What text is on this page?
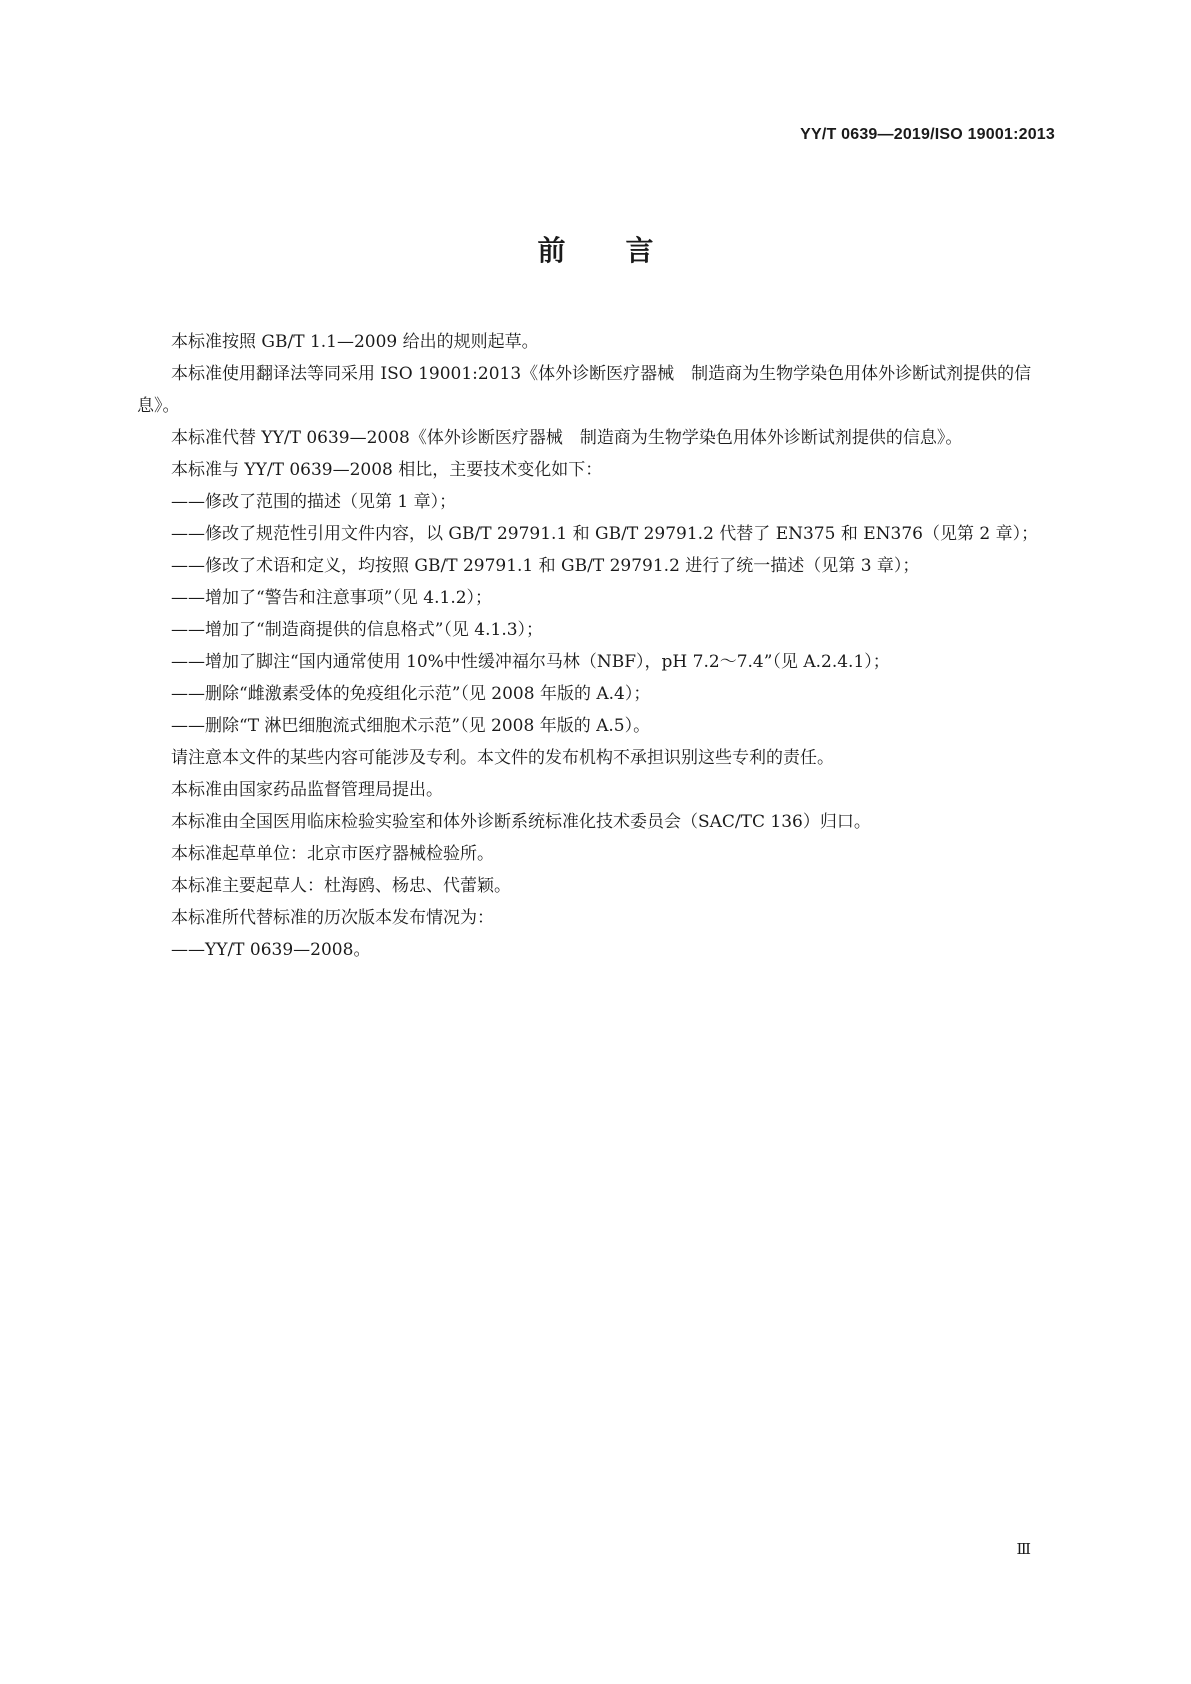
YY/T 0639—2019/ISO 19001:2013
前言

本标准按照 GB/T 1.1—2009 给出的规则起草。

本标准使用翻译法等同采用 ISO 19001:2013《体外诊断医疗器械　制造商为生物学染色用体外诊断试剂提供的信息》。

本标准代替 YY/T 0639—2008《体外诊断医疗器械　制造商为生物学染色用体外诊断试剂提供的信息》。

本标准与 YY/T 0639—2008 相比，主要技术变化如下：

——修改了范围的描述（见第 1 章）；

——修改了规范性引用文件内容，以 GB/T 29791.1 和 GB/T 29791.2 代替了 EN375 和 EN376（见第 2 章）；

——修改了术语和定义，均按照 GB/T 29791.1 和 GB/T 29791.2 进行了统一描述（见第 3 章）；

——增加了“警告和注意事项”（见 4.1.2）；

——增加了“制造商提供的信息格式”（见 4.1.3）；

——增加了脚注“国内通常使用 10%中性缓冲福尔马林（NBF），pH 7.2～7.4”（见 A.2.4.1）；

——删除“雌激素受体的免疫组化示范”（见 2008 年版的 A.4）；

——删除“T 淋巴细胞流式细胞术示范”（见 2008 年版的 A.5）。

请注意本文件的某些内容可能涉及专利。本文件的发布机构不承担识别这些专利的责任。

本标准由国家药品监督管理局提出。

本标准由全国医用临床检验实验室和体外诊断系统标准化技术委员会（SAC/TC 136）归口。

本标准起草单位：北京市医疗器械检验所。

本标准主要起草人：杜海鸥、杨忠、代蕾颖。

本标准所代替标准的历次版本发布情况为：

——YY/T 0639—2008。

Ⅲ
